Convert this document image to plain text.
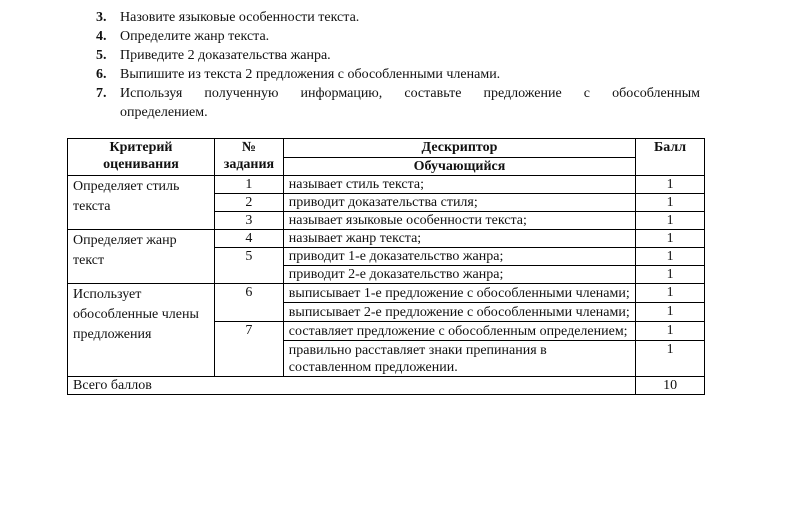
3. Назовите языковые особенности текста.
4. Определите жанр текста.
5. Приведите 2 доказательства жанра.
6. Выпишите из текста 2 предложения с обособленными членами.
7. Используя полученную информацию, составьте предложение с обособленным
определением.
Критерий оценивания	№ задания	Дескриптор	Балл
		Обучающийся	

Определяет стиль текста	1	называет стиль текста;	1
	2	приводит доказательства стиля;	1
	3	называет языковые особенности текста;	1

Определяет жанр текст	4	называет жанр текста;	1
	5	приводит 1-е доказательство жанра;	1
		приводит 2-е доказательство жанра;	1

Использует обособленные члены предложения	6	выписывает 1-е предложение с обособленными членами;	1

		выписывает 2-е предложение с обособленными членами;	1
	7	составляет предложение с обособленным определением;	1

		правильно расставляет знаки препинания в составленном предложении.	1
Всего баллов			10
